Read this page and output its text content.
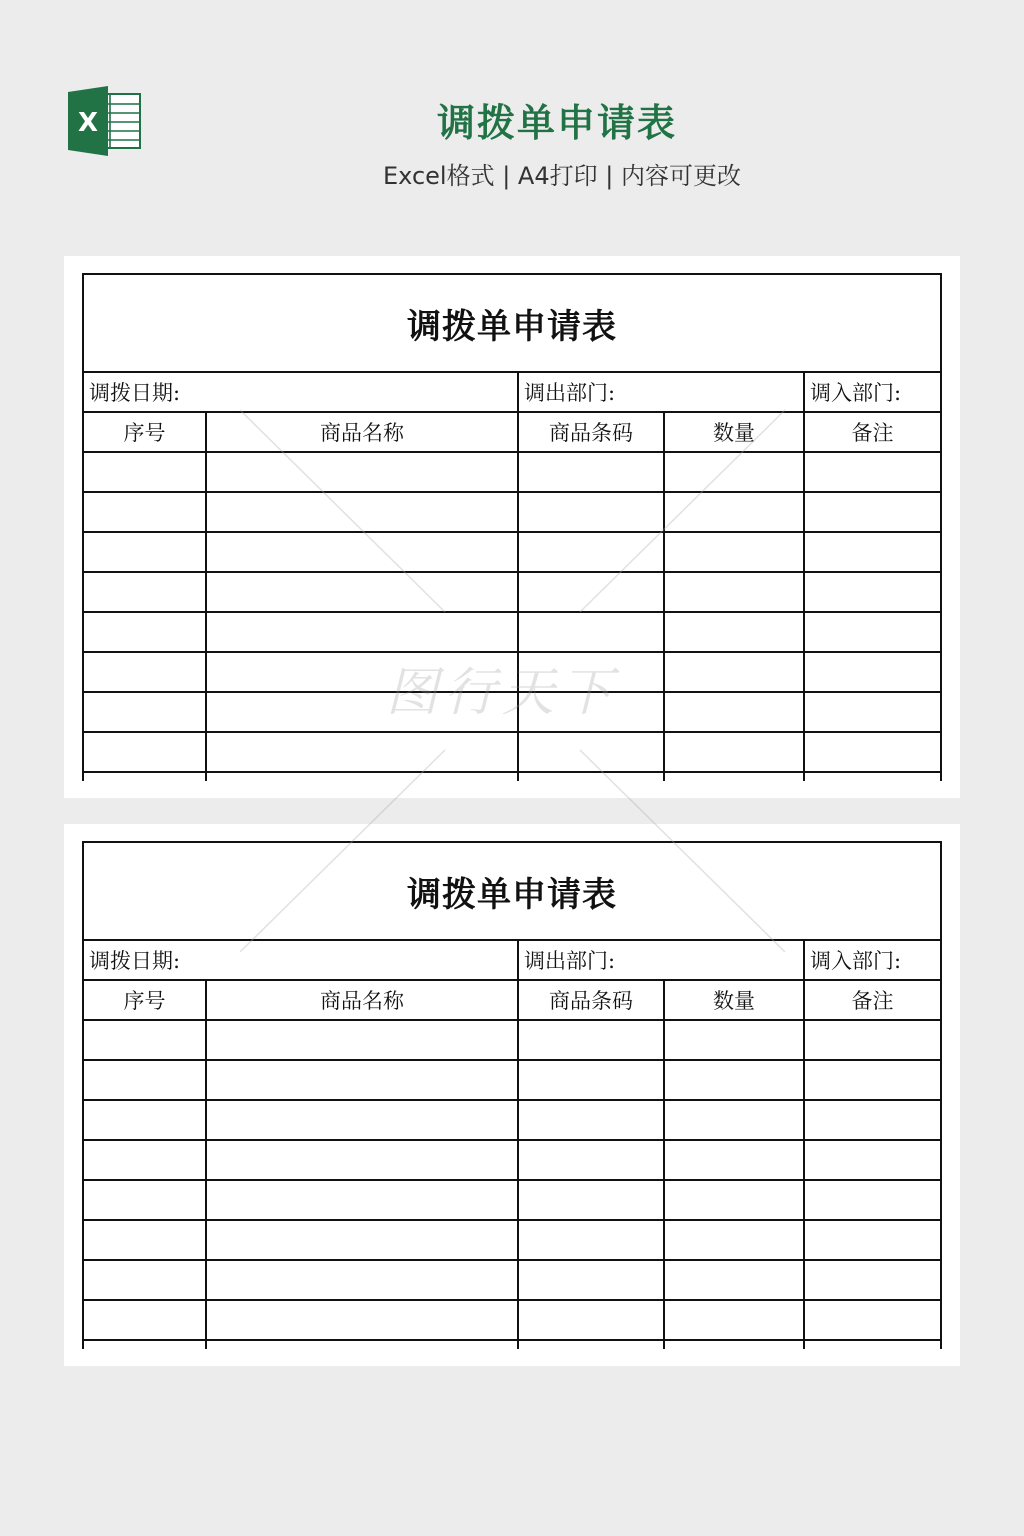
X	调拨单申请表
Excel格式 | A4打印 | 内容可更改
调拨单申请表
调拨日期:	调出部门:	调入部门:
序号	商品名称	商品条码	数量	备注
调拨单申请表
调拨日期:	调出部门:	调入部门:
序号	商品名称	商品条码	数量	备注
图行天下
